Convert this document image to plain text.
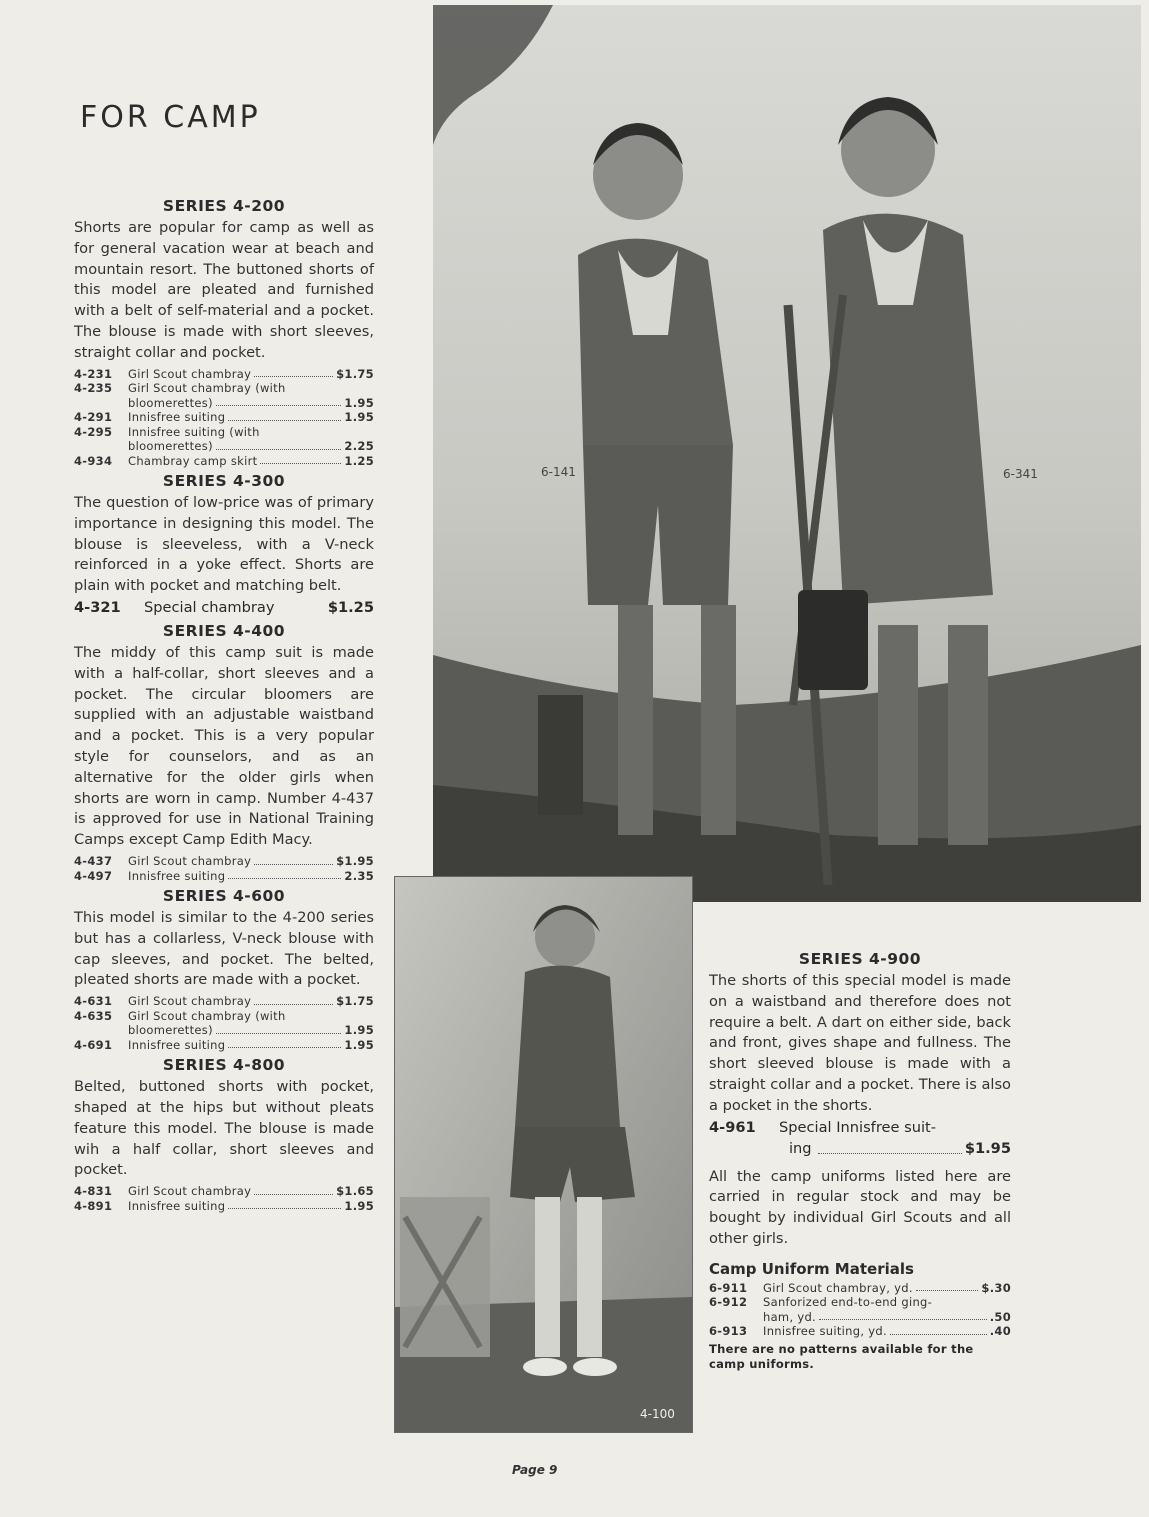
FOR CAMP
SERIES 4-200

Shorts are popular for camp as well as for general vacation wear at beach and mountain resort. The buttoned shorts of this model are pleated and furnished with a belt of self-material and a pocket. The blouse is made with short sleeves, straight collar and pocket.

4-231	Girl Scout chambray	$1.75
4-235	Girl Scout chambray (with
bloomerettes)	1.95
4-291	Innisfree suiting	1.95
4-295	Innisfree suiting (with
bloomerettes)	2.25
4-934	Chambray camp skirt	1.25
SERIES 4-300

The question of low-price was of primary importance in designing this model. The blouse is sleeveless, with a V-neck reinforced in a yoke effect. Shorts are plain with pocket and matching belt.

4-321	Special chambray	$1.25
SERIES 4-400

The middy of this camp suit is made with a half-collar, short sleeves and a pocket. The circular bloomers are supplied with an adjustable waistband and a pocket. This is a very popular style for counselors, and as an alternative for the older girls when shorts are worn in camp. Number 4-437 is approved for use in National Training Camps except Camp Edith Macy.

4-437	Girl Scout chambray	$1.95
4-497	Innisfree suiting	2.35
SERIES 4-600

This model is similar to the 4-200 series but has a collarless, V-neck blouse with cap sleeves, and pocket. The belted, pleated shorts are made with a pocket.

4-631	Girl Scout chambray	$1.75
4-635	Girl Scout chambray (with
bloomerettes)	1.95
4-691	Innisfree suiting	1.95
SERIES 4-800

Belted, buttoned shorts with pocket, shaped at the hips but without pleats feature this model. The blouse is made wih a half collar, short sleeves and pocket.

4-831	Girl Scout chambray	$1.65
4-891	Innisfree suiting	1.95
6-141	6-341
4-100
SERIES 4-900

The shorts of this special model is made on a waistband and therefore does not require a belt. A dart on either side, back and front, gives shape and fullness. The short sleeved blouse is made with a straight collar and a pocket. There is also a pocket in the shorts.

4-961	Special Innisfree suit-
ing	$1.95

All the camp uniforms listed here are carried in regular stock and may be bought by individual Girl Scouts and all other girls.

Camp Uniform Materials
6-911	Girl Scout chambray, yd.	$.30
6-912	Sanforized end-to-end ging-
ham, yd.	.50
6-913	Innisfree suiting, yd.	.40
There are no patterns available for the camp uniforms.
Page 9
